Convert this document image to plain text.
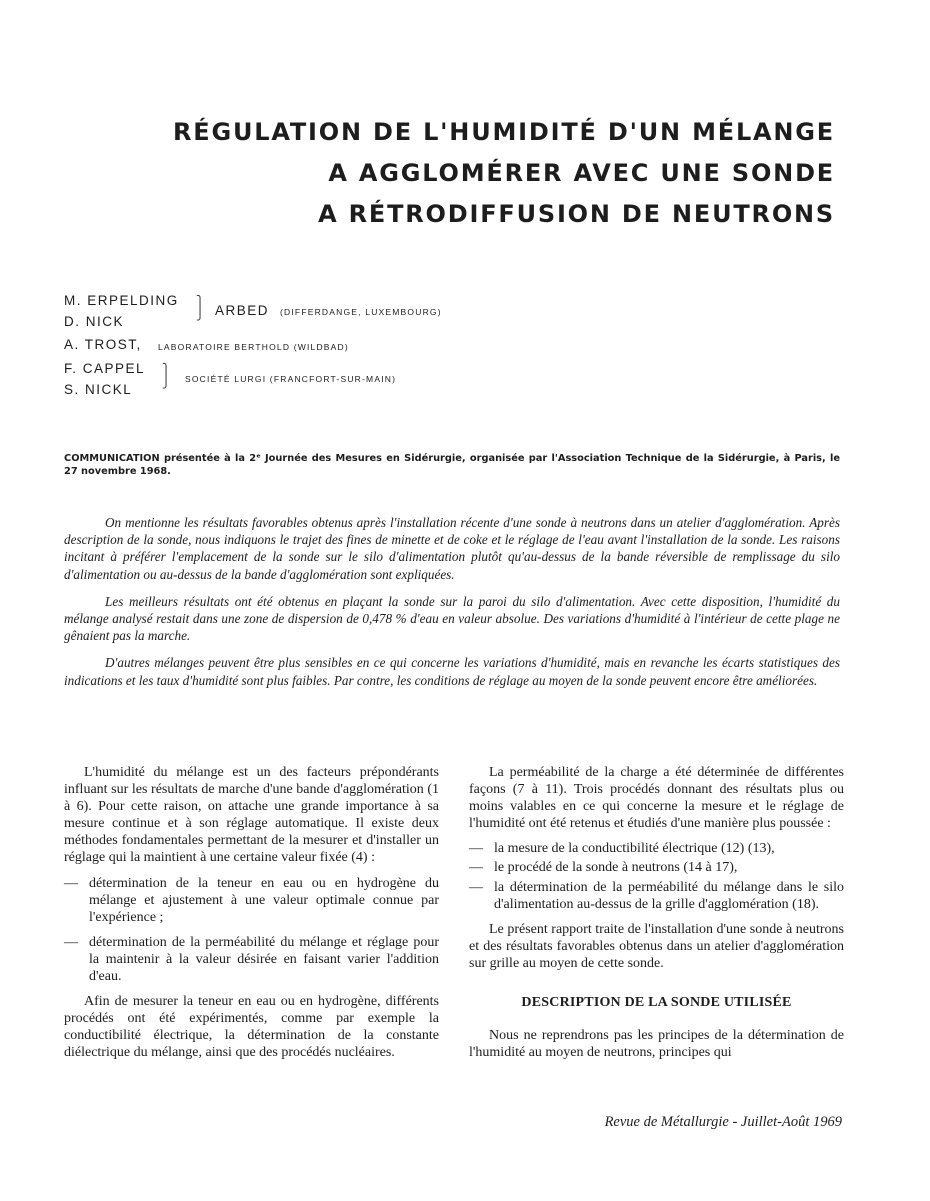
RÉGULATION DE L'HUMIDITÉ D'UN MÉLANGE
A AGGLOMÉRER AVEC UNE SONDE
A RÉTRODIFFUSION DE NEUTRONS
M. ERPELDING
D. NICK
⎫
⎭ ARBED (DIFFERDANGE, LUXEMBOURG)
A. TROST, LABORATOIRE BERTHOLD (WILDBAD)
F. CAPPEL
S. NICKL
⎫
⎭ SOCIÉTÉ LURGI (FRANCFORT-SUR-MAIN)

COMMUNICATION présentée à la 2ᵉ Journée des Mesures en Sidérurgie, organisée par l'Association Technique de la Sidérurgie, à Paris, le 27 novembre 1968.

On mentionne les résultats favorables obtenus après l'installation récente d'une sonde à neutrons dans un atelier d'agglomération. Après description de la sonde, nous indiquons le trajet des fines de minette et de coke et le réglage de l'eau avant l'installation de la sonde. Les raisons incitant à préférer l'emplacement de la sonde sur le silo d'alimentation plutôt qu'au-dessus de la bande réversible de remplissage du silo d'alimentation ou au-dessus de la bande d'agglomération sont expliquées.

Les meilleurs résultats ont été obtenus en plaçant la sonde sur la paroi du silo d'alimentation. Avec cette disposition, l'humidité du mélange analysé restait dans une zone de dispersion de 0,478 % d'eau en valeur absolue. Des variations d'humidité à l'intérieur de cette plage ne gênaient pas la marche.

D'autres mélanges peuvent être plus sensibles en ce qui concerne les variations d'humidité, mais en revanche les écarts statistiques des indications et les taux d'humidité sont plus faibles. Par contre, les conditions de réglage au moyen de la sonde peuvent encore être améliorées.

L'humidité du mélange est un des facteurs prépondérants influant sur les résultats de marche d'une bande d'agglomération (1 à 6). Pour cette raison, on attache une grande importance à sa mesure continue et à son réglage automatique. Il existe deux méthodes fondamentales permettant de la mesurer et d'installer un réglage qui la maintient à une certaine valeur fixée (4) :

— détermination de la teneur en eau ou en hydrogène du mélange et ajustement à une valeur optimale connue par l'expérience ;
— détermination de la perméabilité du mélange et réglage pour la maintenir à la valeur désirée en faisant varier l'addition d'eau.

Afin de mesurer la teneur en eau ou en hydrogène, différents procédés ont été expérimentés, comme par exemple la conductibilité électrique, la détermination de la constante diélectrique du mélange, ainsi que des procédés nucléaires.

La perméabilité de la charge a été déterminée de différentes façons (7 à 11). Trois procédés donnant des résultats plus ou moins valables en ce qui concerne la mesure et le réglage de l'humidité ont été retenus et étudiés d'une manière plus poussée :

— la mesure de la conductibilité électrique (12) (13),
— le procédé de la sonde à neutrons (14 à 17),
— la détermination de la perméabilité du mélange dans le silo d'alimentation au-dessus de la grille d'agglomération (18).

Le présent rapport traite de l'installation d'une sonde à neutrons et des résultats favorables obtenus dans un atelier d'agglomération sur grille au moyen de cette sonde.

DESCRIPTION DE LA SONDE UTILISÉE

Nous ne reprendrons pas les principes de la détermination de l'humidité au moyen de neutrons, principes qui

Revue de Métallurgie - Juillet-Août 1969
